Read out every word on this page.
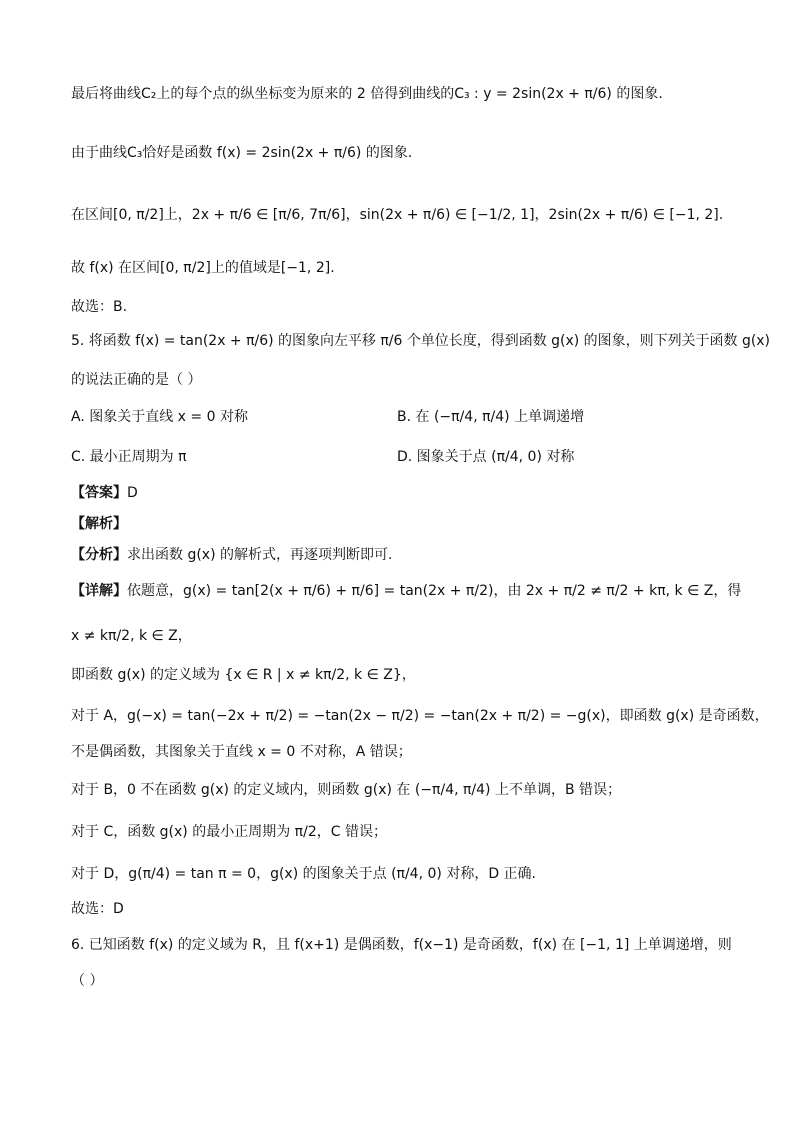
最后将曲线C₂上的每个点的纵坐标变为原来的 2 倍得到曲线的C₃ : y = 2sin(2x + π/6) 的图象.
由于曲线C₃恰好是函数 f(x) = 2sin(2x + π/6) 的图象.
在区间[0, π/2]上，2x + π/6 ∈ [π/6, 7π/6]，sin(2x + π/6) ∈ [−1/2, 1]，2sin(2x + π/6) ∈ [−1, 2].
故 f(x) 在区间[0, π/2]上的值域是[−1, 2].
故选：B.
5. 将函数 f(x) = tan(2x + π/6) 的图象向左平移 π/6 个单位长度，得到函数 g(x) 的图象，则下列关于函数 g(x)
的说法正确的是（ ）
A. 图象关于直线 x = 0 对称	B. 在 (−π/4, π/4) 上单调递增
C. 最小正周期为 π	D. 图象关于点 (π/4, 0) 对称
【答案】D
【解析】
【分析】求出函数 g(x) 的解析式，再逐项判断即可.
【详解】依题意，g(x) = tan[2(x + π/6) + π/6] = tan(2x + π/2)，由 2x + π/2 ≠ π/2 + kπ, k ∈ Z，得
x ≠ kπ/2, k ∈ Z，
即函数 g(x) 的定义域为 {x ∈ R | x ≠ kπ/2, k ∈ Z}，
对于 A，g(−x) = tan(−2x + π/2) = −tan(2x − π/2) = −tan(2x + π/2) = −g(x)，即函数 g(x) 是奇函数，
不是偶函数，其图象关于直线 x = 0 不对称，A 错误；
对于 B，0 不在函数 g(x) 的定义域内，则函数 g(x) 在 (−π/4, π/4) 上不单调，B 错误；
对于 C，函数 g(x) 的最小正周期为 π/2，C 错误；
对于 D，g(π/4) = tan π = 0，g(x) 的图象关于点 (π/4, 0) 对称，D 正确.
故选：D
6. 已知函数 f(x) 的定义域为 R，且 f(x+1) 是偶函数，f(x−1) 是奇函数，f(x) 在 [−1, 1] 上单调递增，则
（ ）
